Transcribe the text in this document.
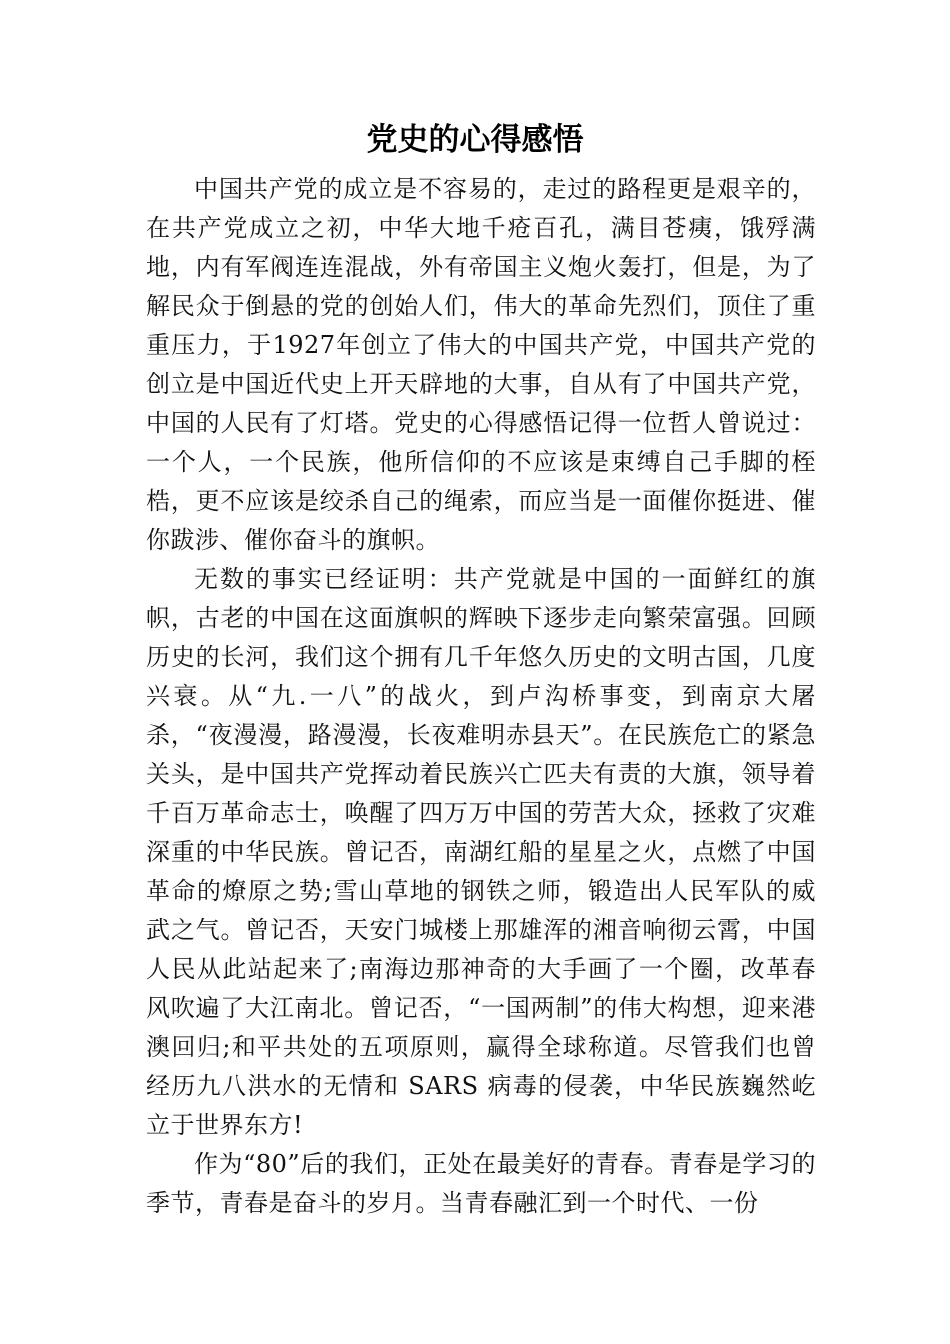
党史的心得感悟

中国共产党的成立是不容易的，走过的路程更是艰辛的，在共产党成立之初，中华大地千疮百孔，满目苍痍，饿殍满地，内有军阀连连混战，外有帝国主义炮火轰打，但是，为了解民众于倒悬的党的创始人们，伟大的革命先烈们，顶住了重重压力，于1927年创立了伟大的中国共产党，中国共产党的创立是中国近代史上开天辟地的大事，自从有了中国共产党，中国的人民有了灯塔。党史的心得感悟记得一位哲人曾说过：一个人，一个民族，他所信仰的不应该是束缚自己手脚的桎梏，更不应该是绞杀自己的绳索，而应当是一面催你挺进、催你跋涉、催你奋斗的旗帜。

无数的事实已经证明：共产党就是中国的一面鲜红的旗帜，古老的中国在这面旗帜的辉映下逐步走向繁荣富强。回顾历史的长河，我们这个拥有几千年悠久历史的文明古国，几度兴衰。从“九.一八”的战火，到卢沟桥事变，到南京大屠杀，“夜漫漫，路漫漫，长夜难明赤县天”。在民族危亡的紧急关头，是中国共产党挥动着民族兴亡匹夫有责的大旗，领导着千百万革命志士，唤醒了四万万中国的劳苦大众，拯救了灾难深重的中华民族。曾记否，南湖红船的星星之火，点燃了中国革命的燎原之势;雪山草地的钢铁之师，锻造出人民军队的威武之气。曾记否，天安门城楼上那雄浑的湘音响彻云霄，中国人民从此站起来了;南海边那神奇的大手画了一个圈，改革春风吹遍了大江南北。曾记否，“一国两制”的伟大构想，迎来港澳回归;和平共处的五项原则，赢得全球称道。尽管我们也曾经历九八洪水的无情和 SARS 病毒的侵袭，中华民族巍然屹立于世界东方!

作为“80”后的我们，正处在最美好的青春。青春是学习的季节，青春是奋斗的岁月。当青春融汇到一个时代、一份
